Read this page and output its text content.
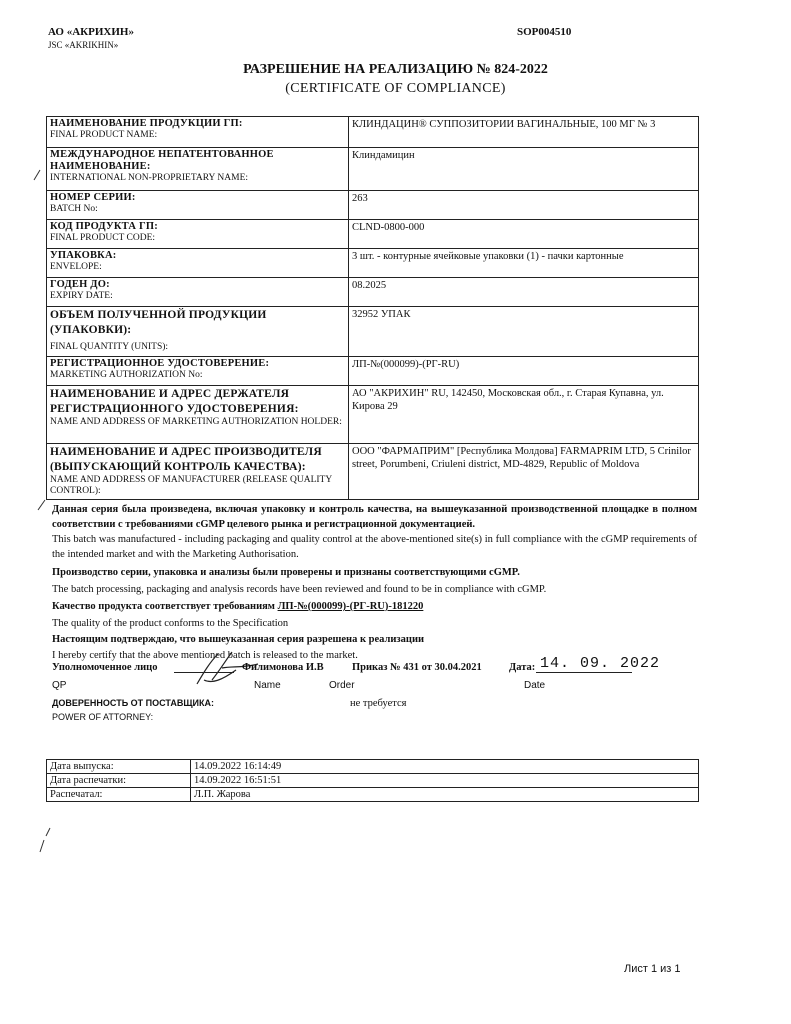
АО «АКРИХИН»
JSC «AKRIKHIN»
SOP004510
РАЗРЕШЕНИЕ НА РЕАЛИЗАЦИЮ № 824-2022
(CERTIFICATE OF COMPLIANCE)
НАИМЕНОВАНИЕ ПРОДУКЦИИ ГП:
FINAL PRODUCT NAME:	КЛИНДАЦИН® СУППОЗИТОРИИ ВАГИНАЛЬНЫЕ, 100 МГ № 3

МЕЖДУНАРОДНОЕ НЕПАТЕНТОВАННОЕ НАИМЕНОВАНИЕ:
INTERNATIONAL NON-PROPRIETARY NAME:	Клиндамицин

НОМЕР СЕРИИ:
BATCH No:	263

КОД ПРОДУКТА ГП:
FINAL PRODUCT CODE:	CLND-0800-000

УПАКОВКА:
ENVELOPE:	3 шт. - контурные ячейковые упаковки (1) - пачки картонные

ГОДЕН ДО:
EXPIRY DATE:	08.2025

ОБЪЕМ ПОЛУЧЕННОЙ ПРОДУКЦИИ (УПАКОВКИ):
FINAL QUANTITY (UNITS):	32952 УПАК

РЕГИСТРАЦИОННОЕ УДОСТОВЕРЕНИЕ:
MARKETING AUTHORIZATION No:	ЛП-№(000099)-(РГ-RU)

НАИМЕНОВАНИЕ И АДРЕС ДЕРЖАТЕЛЯ РЕГИСТРАЦИОННОГО УДОСТОВЕРЕНИЯ:
NAME AND ADDRESS OF MARKETING AUTHORIZATION HOLDER:	АО "АКРИХИН" RU, 142450, Московская обл., г. Старая Купавна, ул. Кирова 29

НАИМЕНОВАНИЕ И АДРЕС ПРОИЗВОДИТЕЛЯ (ВЫПУСКАЮЩИЙ КОНТРОЛЬ КАЧЕСТВА):
NAME AND ADDRESS OF MANUFACTURER (RELEASE QUALITY CONTROL):	ООО "ФАРМАПРИМ" [Республика Молдова] FARMAPRIM LTD, 5 Crinilor street, Porumbeni, Criuleni district, MD-4829, Republic of Moldova

Данная серия была произведена, включая упаковку и контроль качества, на вышеуказанной производственной площадке в полном соответствии с требованиями cGMP целевого рынка и регистрационной документацией.

This batch was manufactured - including packaging and quality control at the above-mentioned site(s) in full compliance with the cGMP requirements of the intended market and with the Marketing Authorisation.

Производство серии, упаковка и анализы были проверены и признаны соответствующими cGMP.

The batch processing, packaging and analysis records have been reviewed and found to be in compliance with cGMP.

Качество продукта соответствует требованиям ЛП-№(000099)-(РГ-RU)-181220

The quality of the product conforms to the Specification

Настоящим подтверждаю, что вышеуказанная серия разрешена к реализации

I hereby certify that the above mentioned batch is released to the market.

Уполномоченное лицо	Филимонова И.В	Приказ № 431 от 30.04.2021	Дата: 14. 09. 2022
QP	Name	Order	Date
ДОВЕРЕННОСТЬ ОТ ПОСТАВЩИКА:	не требуется
POWER OF ATTORNEY:
Дата выпуска:	14.09.2022 16:14:49
Дата распечатки:	14.09.2022 16:51:51
Распечатал:	Л.П. Жарова
Лист 1 из 1
